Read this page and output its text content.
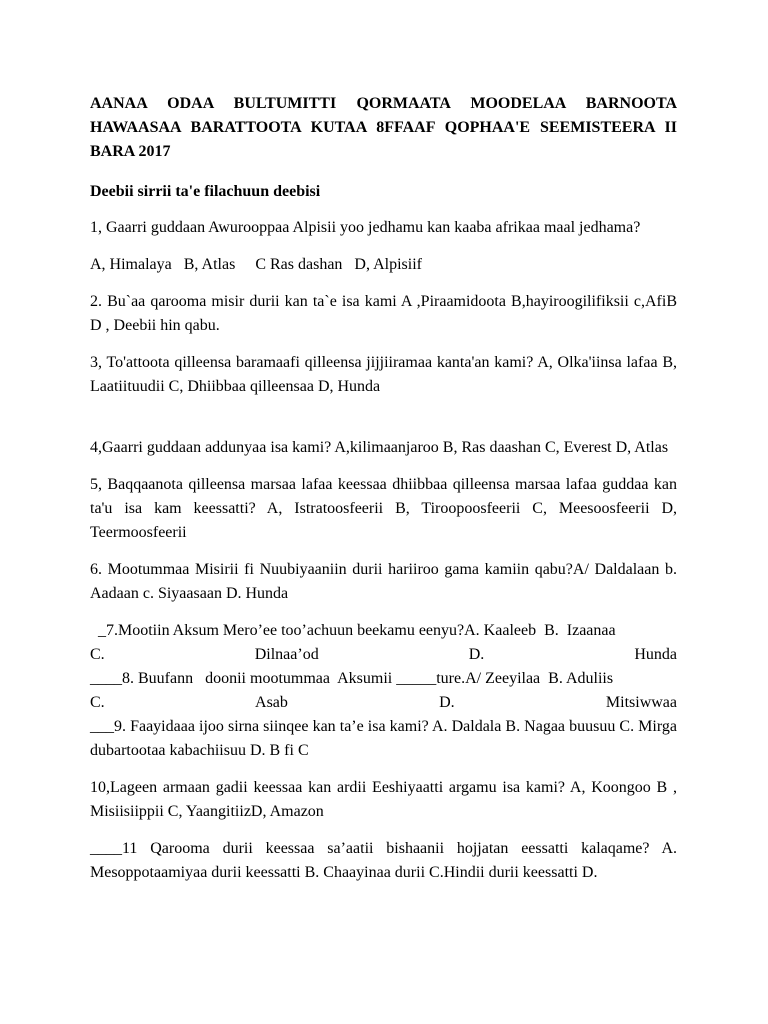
AANAA ODAA BULTUMITTI QORMAATA MOODELAA BARNOOTA HAWAASAA BARATTOOTA KUTAA 8FFAAF QOPHAA'E SEEMISTEERA II BARA 2017

Deebii sirrii ta'e filachuun deebisi

1, Gaarri guddaan Awurooppaa Alpisii yoo jedhamu kan kaaba afrikaa maal jedhama?

A, Himalaya   B, Atlas     C Ras dashan   D, Alpisiif

2. Bu`aa qarooma misir durii kan ta`e isa kami A ,Piraamidoota B,hayiroogilifiksii c,AfiB D , Deebii hin qabu.

3, To'attoota qilleensa baramaafi qilleensa jijjiiramaa kanta'an kami? A, Olka'iinsa lafaa B, Laatiituudii C, Dhiibbaa qilleensaa D, Hunda

4,Gaarri guddaan addunyaa isa kami? A,kilimaanjaroo B, Ras daashan C, Everest D, Atlas

5, Baqqaanota qilleensa marsaa lafaa keessaa dhiibbaa qilleensa marsaa lafaa guddaa kan ta'u isa kam keessatti? A, Istratoosfeerii B, Tiroopoosfeerii C, Meesoosfeerii D, Teermoosfeerii

6. Mootummaa Misirii fi Nuubiyaaniin durii hariiroo gama kamiin qabu?A/ Daldalaan b. Aadaan c. Siyaasaan D. Hunda

_7.Mootiin Aksum Mero’ee too’achuun beekamu eenyu?A. Kaaleeb  B.  Izaanaa
C. Dilnaa’od D. Hunda
____8. Buufann   doonii mootummaa  Aksumii _____ture.A/ Zeeyilaa  B. Aduliis
C. Asab D. Mitsiwwaa
___9. Faayidaaa ijoo sirna siinqee kan ta’e isa kami? A. Daldala B. Nagaa buusuu C. Mirga dubartootaa kabachiisuu D. B fi C

10,Lageen armaan gadii keessaa kan ardii Eeshiyaatti argamu isa kami? A, Koongoo B , Misiisiippii C, YaangitiizD, Amazon

____11 Qarooma durii keessaa sa’aatii bishaanii hojjatan eessatti kalaqame? A. Mesoppotaamiyaa durii keessatti B. Chaayinaa durii C.Hindii durii keessatti D.
